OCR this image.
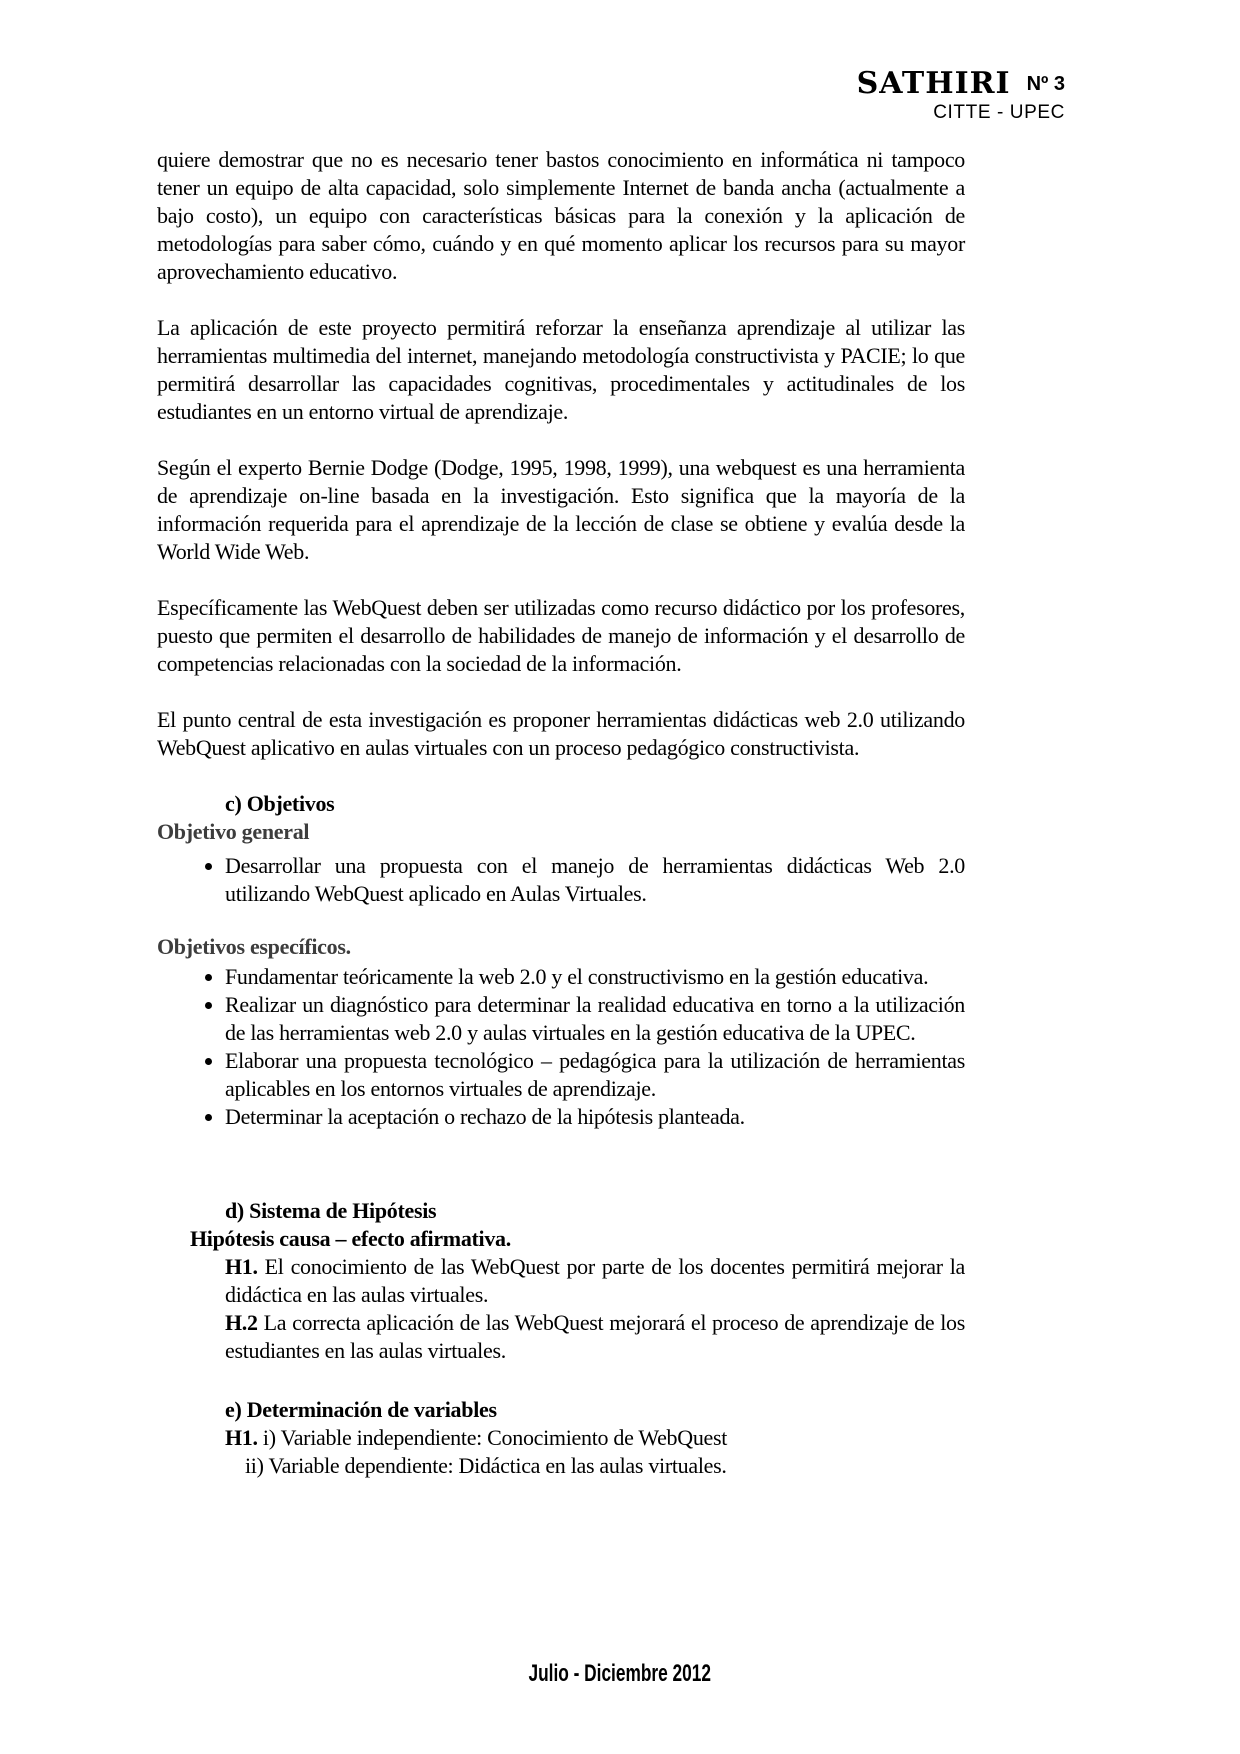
SATHIRI Nº 3
CITTE - UPEC

quiere demostrar que no es necesario tener bastos conocimiento en informática ni tampoco tener un equipo de alta capacidad, solo simplemente Internet de banda ancha (actualmente a bajo costo), un equipo con características básicas para la conexión y la aplicación de metodologías para saber cómo, cuándo y en qué momento aplicar los recursos para su mayor aprovechamiento educativo.

La aplicación de este proyecto permitirá reforzar la enseñanza aprendizaje al utilizar las herramientas multimedia del internet, manejando metodología constructivista y PACIE; lo que permitirá desarrollar las capacidades cognitivas, procedimentales y actitudinales de los estudiantes en un entorno virtual de aprendizaje.

Según el experto Bernie Dodge (Dodge, 1995, 1998, 1999), una webquest es una herramienta de aprendizaje on-line basada en la investigación. Esto significa que la mayoría de la información requerida para el aprendizaje de la lección de clase se obtiene y evalúa desde la World Wide Web.

Específicamente las WebQuest deben ser utilizadas como recurso didáctico por los profesores, puesto que permiten el desarrollo de habilidades de manejo de información y el desarrollo de competencias relacionadas con la sociedad de la información.

El punto central de esta investigación es proponer herramientas didácticas web 2.0 utilizando WebQuest aplicativo en aulas virtuales con un proceso pedagógico constructivista.

c) Objetivos
Objetivo general
• Desarrollar una propuesta con el manejo de herramientas didácticas Web 2.0 utilizando WebQuest aplicado en Aulas Virtuales.
Objetivos específicos.
• Fundamentar teóricamente la web 2.0 y el constructivismo en la gestión educativa.
• Realizar un diagnóstico para determinar la realidad educativa en torno a la utilización de las herramientas web 2.0 y aulas virtuales en la gestión educativa de la UPEC.
• Elaborar una propuesta tecnológico – pedagógica para la utilización de herramientas aplicables en los entornos virtuales de aprendizaje.
• Determinar la aceptación o rechazo de la hipótesis planteada.
d) Sistema de Hipótesis
Hipótesis causa – efecto afirmativa.

H1. El conocimiento de las WebQuest por parte de los docentes permitirá mejorar la didáctica en las aulas virtuales.

H.2 La correcta aplicación de las WebQuest mejorará el proceso de aprendizaje de los estudiantes en las aulas virtuales.

e) Determinación de variables

H1. i) Variable independiente: Conocimiento de WebQuest

ii) Variable dependiente: Didáctica en las aulas virtuales.

Julio - Diciembre 2012
